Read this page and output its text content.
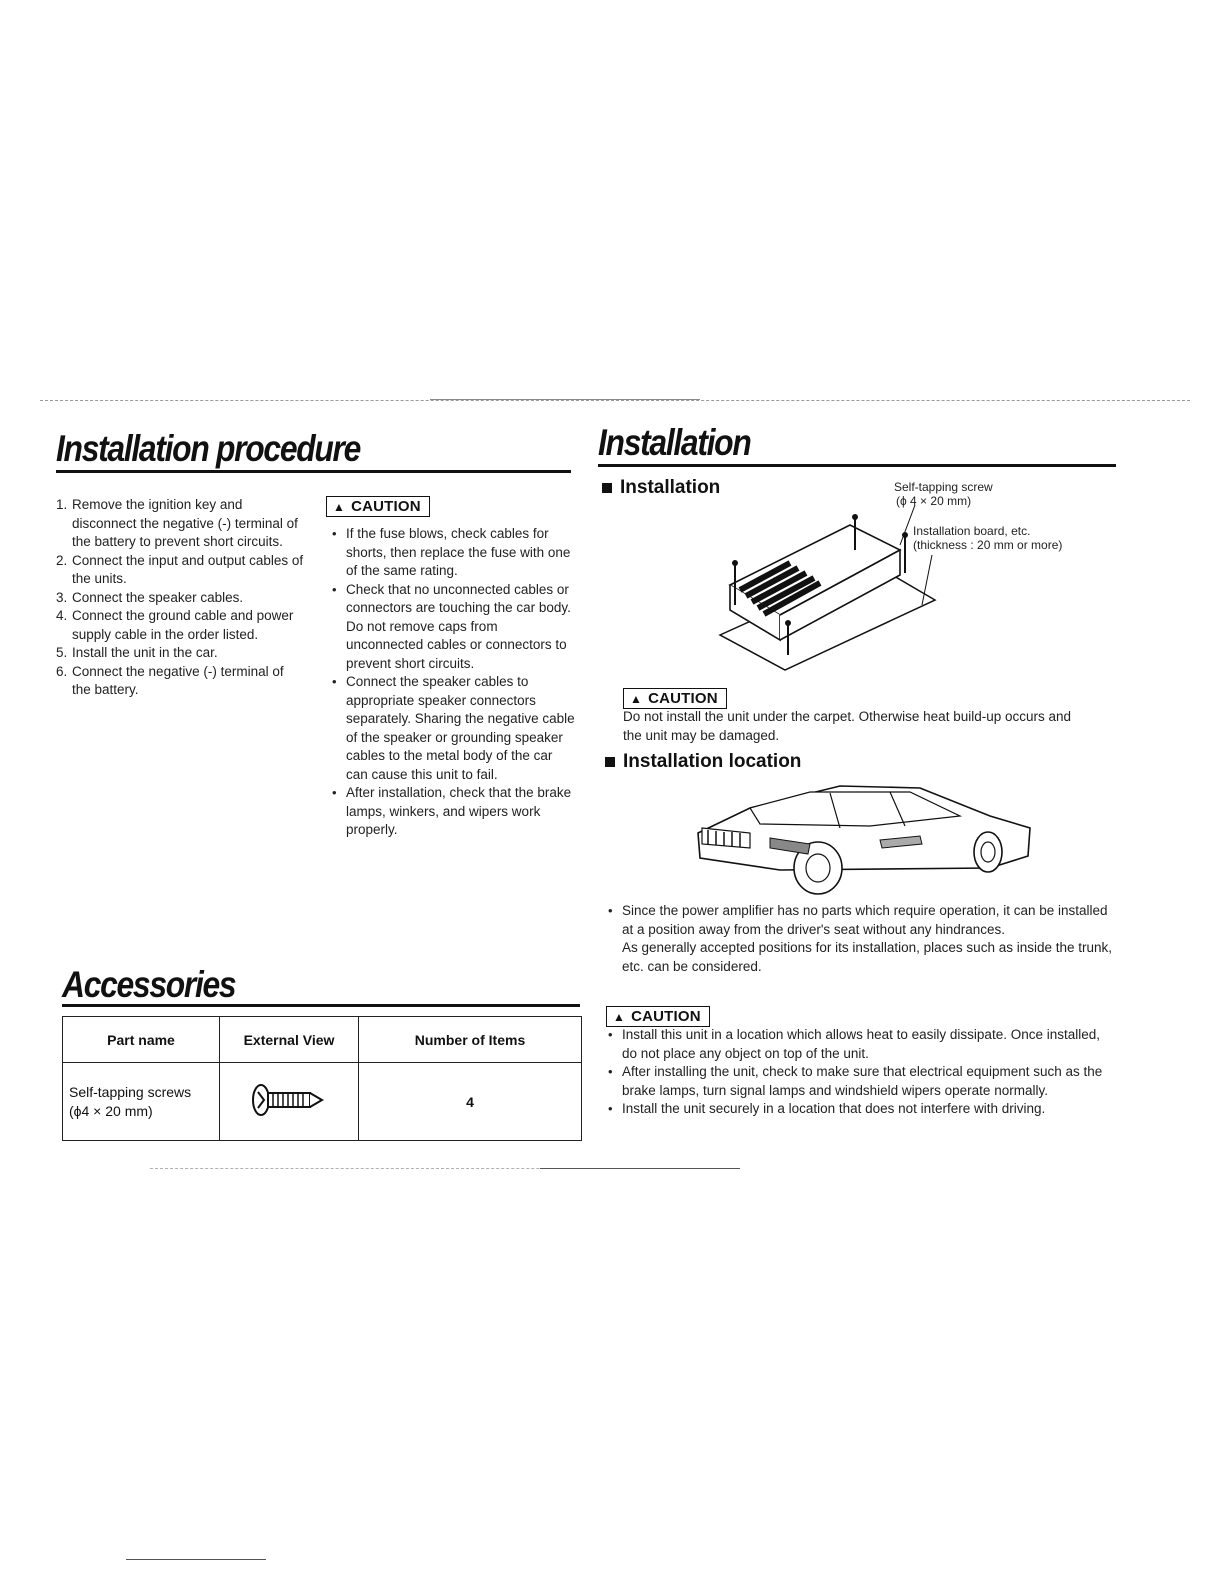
Installation procedure
1. Remove the ignition key and disconnect the negative (-) terminal of the battery to prevent short circuits.
2. Connect the input and output cables of the units.
3. Connect the speaker cables.
4. Connect the ground cable and power supply cable in the order listed.
5. Install the unit in the car.
6. Connect the negative (-) terminal of the battery.
▲ CAUTION
• If the fuse blows, check cables for shorts, then replace the fuse with one of the same rating.
• Check that no unconnected cables or connectors are touching the car body. Do not remove caps from unconnected cables or connectors to prevent short circuits.
• Connect the speaker cables to appropriate speaker connectors separately. Sharing the negative cable of the speaker or grounding speaker cables to the metal body of the car can cause this unit to fail.
• After installation, check that the brake lamps, winkers, and wipers work properly.
Accessories
Part name	External View	Number of Items

Self-tapping screws
(ϕ4 × 20 mm)		4
Installation
Installation	Self-tapping screw
(ϕ 4 × 20 mm)
Installation board, etc.
(thickness : 20 mm or more)
▲ CAUTION
Do not install the unit under the carpet. Otherwise heat build-up occurs and the unit may be damaged.
Installation location
• Since the power amplifier has no parts which require operation, it can be installed at a position away from the driver's seat without any hindrances.
As generally accepted positions for its installation, places such as inside the trunk, etc. can be considered.
▲ CAUTION
• Install this unit in a location which allows heat to easily dissipate. Once installed, do not place any object on top of the unit.
• After installing the unit, check to make sure that electrical equipment such as the brake lamps, turn signal lamps and windshield wipers operate normally.
• Install the unit securely in a location that does not interfere with driving.
